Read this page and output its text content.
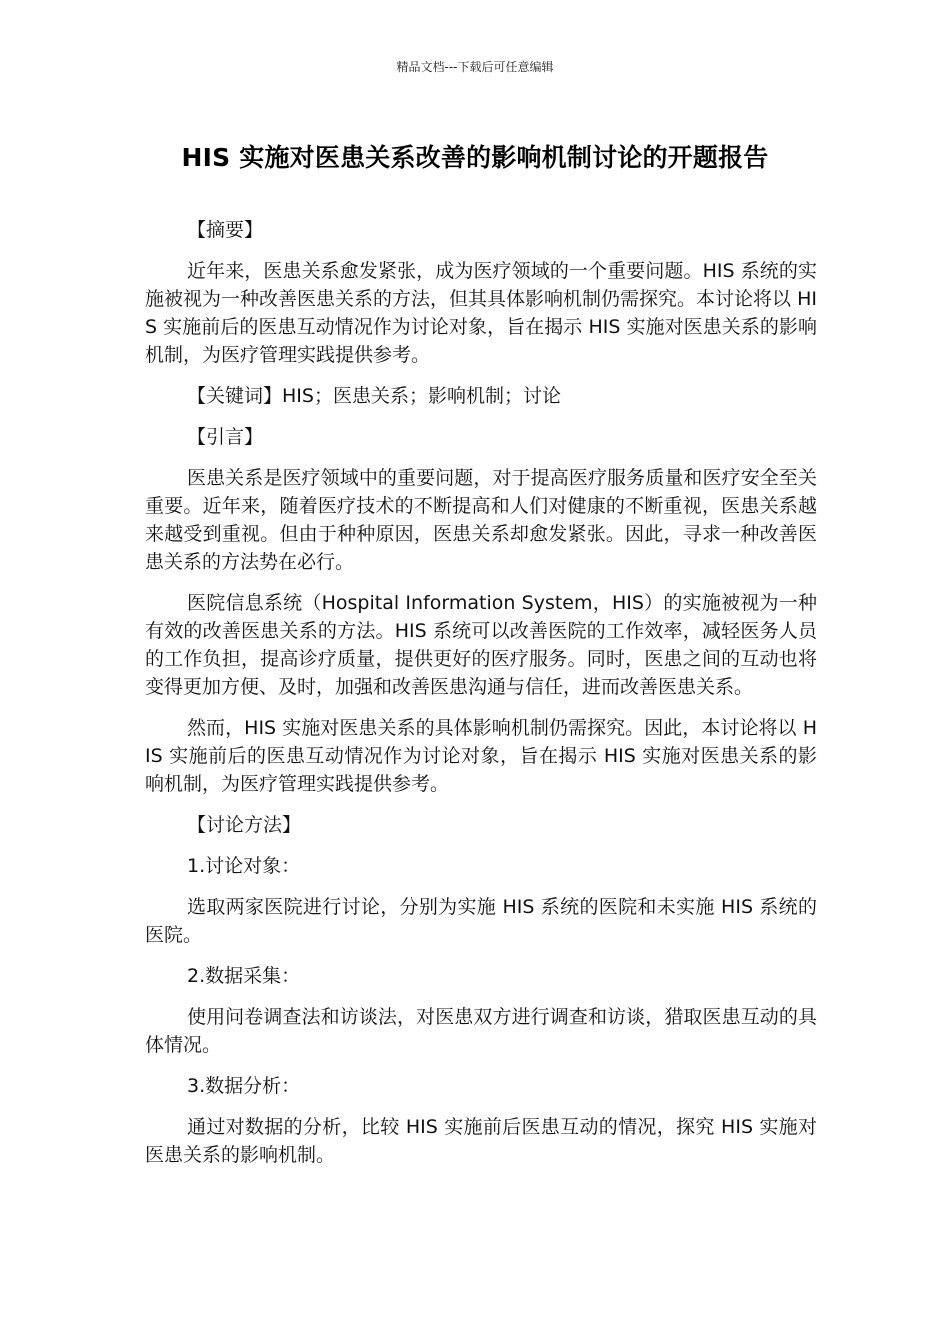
精品文档---下载后可任意编辑
HIS 实施对医患关系改善的影响机制讨论的开题报告
【摘要】
近年来，医患关系愈发紧张，成为医疗领域的一个重要问题。HIS 系统的实施被视为一种改善医患关系的方法，但其具体影响机制仍需探究。本讨论将以 HIS 实施前后的医患互动情况作为讨论对象，旨在揭示 HIS 实施对医患关系的影响机制，为医疗管理实践提供参考。
【关键词】HIS；医患关系；影响机制；讨论
【引言】
医患关系是医疗领域中的重要问题，对于提高医疗服务质量和医疗安全至关重要。近年来，随着医疗技术的不断提高和人们对健康的不断重视，医患关系越来越受到重视。但由于种种原因，医患关系却愈发紧张。因此，寻求一种改善医患关系的方法势在必行。
医院信息系统（Hospital Information System，HIS）的实施被视为一种有效的改善医患关系的方法。HIS 系统可以改善医院的工作效率，减轻医务人员的工作负担，提高诊疗质量，提供更好的医疗服务。同时，医患之间的互动也将变得更加方便、及时，加强和改善医患沟通与信任，进而改善医患关系。
然而，HIS 实施对医患关系的具体影响机制仍需探究。因此，本讨论将以 HIS 实施前后的医患互动情况作为讨论对象，旨在揭示 HIS 实施对医患关系的影响机制，为医疗管理实践提供参考。
【讨论方法】
1.讨论对象：
选取两家医院进行讨论，分别为实施 HIS 系统的医院和未实施 HIS 系统的医院。
2.数据采集：
使用问卷调查法和访谈法，对医患双方进行调查和访谈，猎取医患互动的具体情况。
3.数据分析：
通过对数据的分析，比较 HIS 实施前后医患互动的情况，探究 HIS 实施对医患关系的影响机制。
